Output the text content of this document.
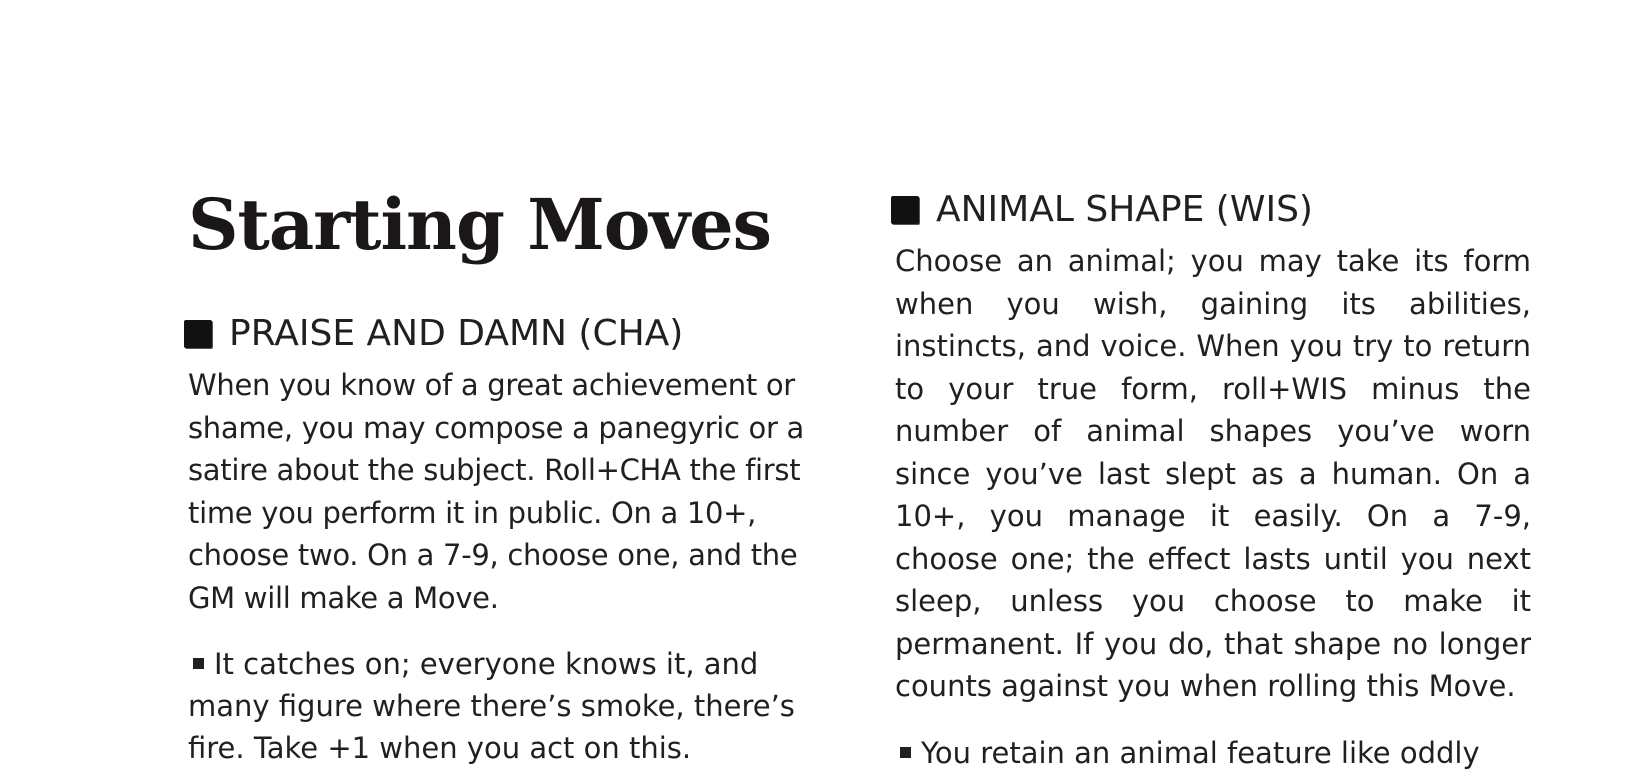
Starting Moves
PRAISE AND DAMN (CHA)

When you know of a great achievement or shame, you may compose a panegyric or a satire about the subject. Roll+CHA the first time you perform it in public. On a 10+, choose two. On a 7-9, choose one, and the GM will make a Move.

It catches on; everyone knows it, and many figure where there’s smoke, there’s fire. Take +1 when you act on this.

ANIMAL SHAPE (WIS)

Choose an animal; you may take its form when you wish, gaining its abilities, instincts, and voice. When you try to return to your true form, roll+WIS minus the number of animal shapes you’ve worn since you’ve last slept as a human. On a 10+, you manage it easily. On a 7-9, choose one; the effect lasts until you next sleep, unless you choose to make it permanent. If you do, that shape no longer counts against you when rolling this Move.

You retain an animal feature like oddly
